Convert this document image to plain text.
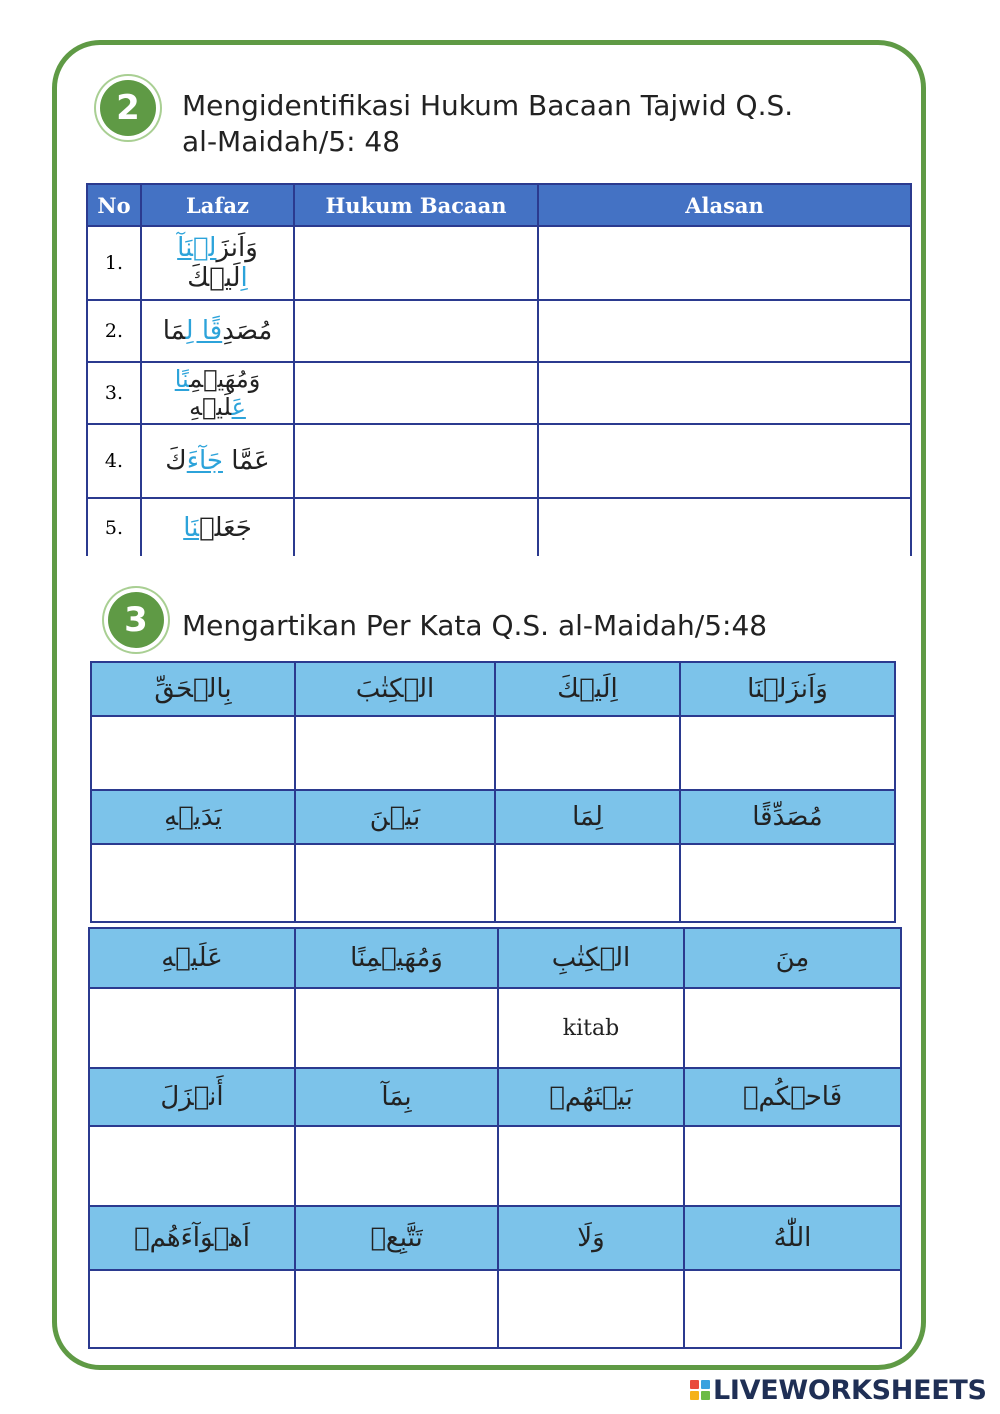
2	Mengidentifikasi Hukum Bacaan Tajwid Q.S.
al-Maidah/5: 48
No	Lafaz	Hukum Bacaan	Alasan
1.	وَاَنزَلۡنَآ اِلَيۡكَ		
2.	مُصَدِقًا لِمَا		
3.	وَمُهَيۡمِنًا عَلَيۡهِ		
4.	عَمَّا جَآءَكَ		
5.	جَعَلۡنَا		
3	Mengartikan Per Kata Q.S. al-Maidah/5:48
بِالۡحَقِّ	الۡكِتٰبَ	اِلَيۡكَ	وَاَنزَلۡنَا

يَدَيۡهِ	بَيۡنَ	لِمَا	مُصَدِّقًا

عَلَيۡهِ	وَمُهَيۡمِنًا	الۡكِتٰبِ	مِنَ
		kitab	
أَنۡزَلَ	بِمَآ	بَيۡنَهُمۡ	فَاحۡكُمۡ

اَهۡوَآءَهُمۡ	تَتَّبِعۡ	وَلَا	اللّٰهُ

LIVEWORKSHEETS
